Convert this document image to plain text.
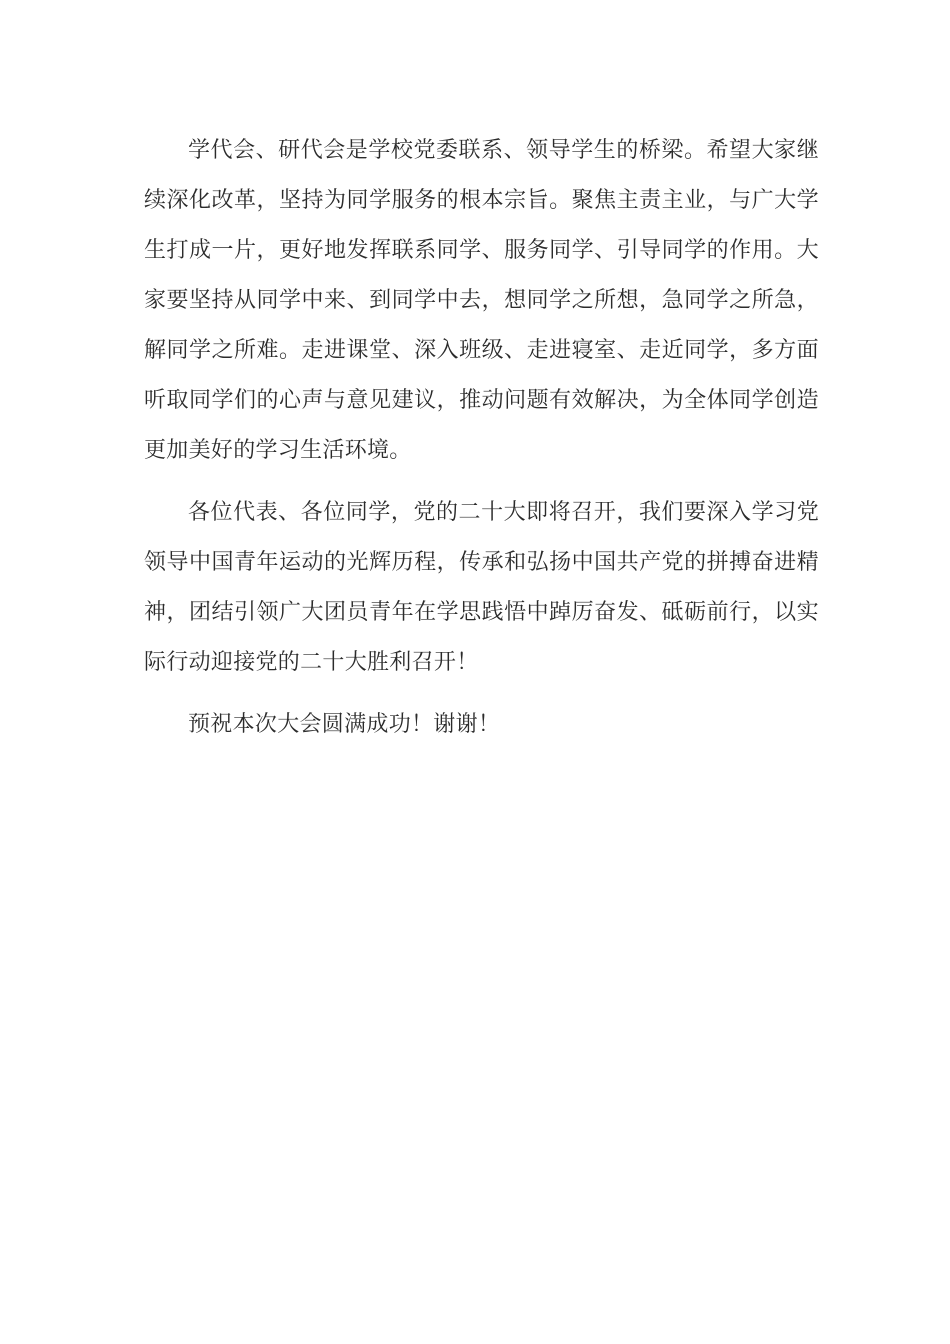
学代会、研代会是学校党委联系、领导学生的桥梁。希望大家继续深化改革，坚持为同学服务的根本宗旨。聚焦主责主业，与广大学生打成一片，更好地发挥联系同学、服务同学、引导同学的作用。大家要坚持从同学中来、到同学中去，想同学之所想，急同学之所急，解同学之所难。走进课堂、深入班级、走进寝室、走近同学，多方面听取同学们的心声与意见建议，推动问题有效解决，为全体同学创造更加美好的学习生活环境。

各位代表、各位同学，党的二十大即将召开，我们要深入学习党领导中国青年运动的光辉历程，传承和弘扬中国共产党的拼搏奋进精神，团结引领广大团员青年在学思践悟中踔厉奋发、砥砺前行，以实际行动迎接党的二十大胜利召开！

预祝本次大会圆满成功！谢谢！
